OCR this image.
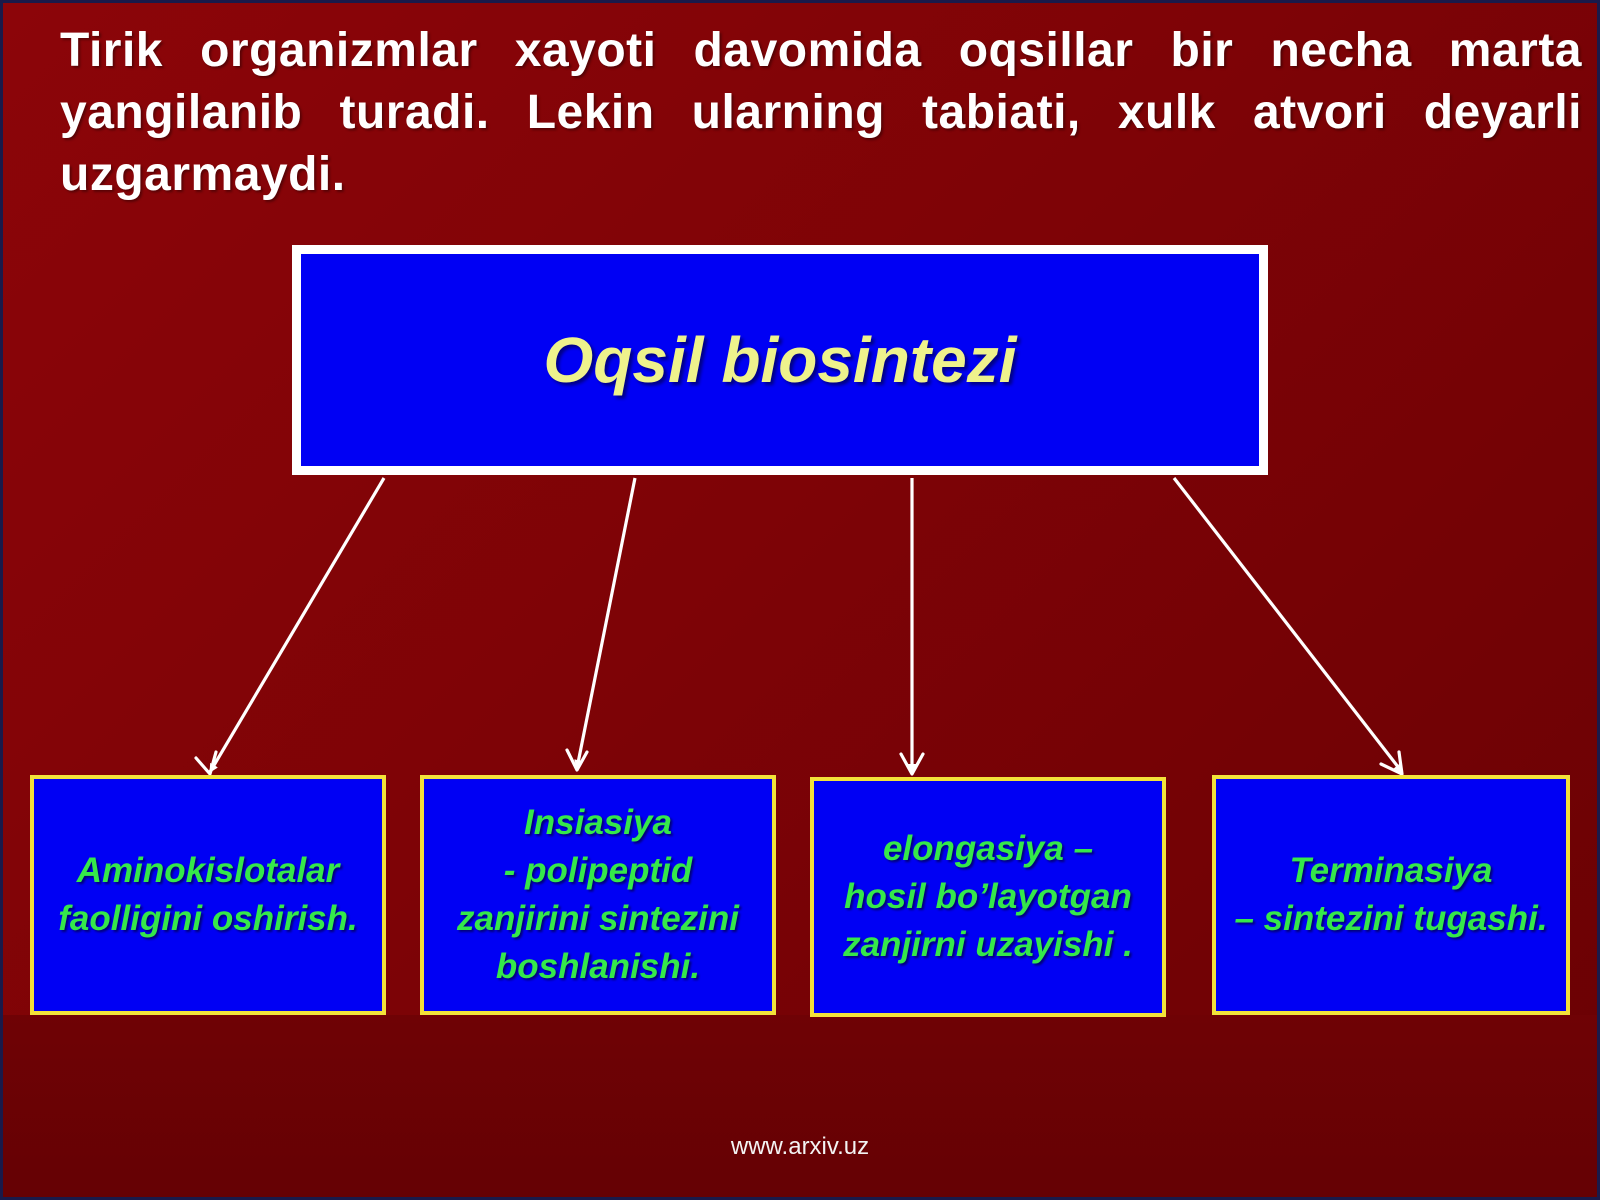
Tirik organizmlar xayoti davomida oqsillar bir necha marta yangilanib turadi. Lekin ularning tabiati, xulk atvori deyarli uzgarmaydi.

Oqsil biosintezi
Aminokislotalar
faolligini oshirish.
Insiasiya
- polipeptid
zanjirini sintezini
boshlanishi.
elongasiya –
hosil bo’layotgan
zanjirni uzayishi .
Terminasiya
– sintezini tugashi.
www.arxiv.uz
